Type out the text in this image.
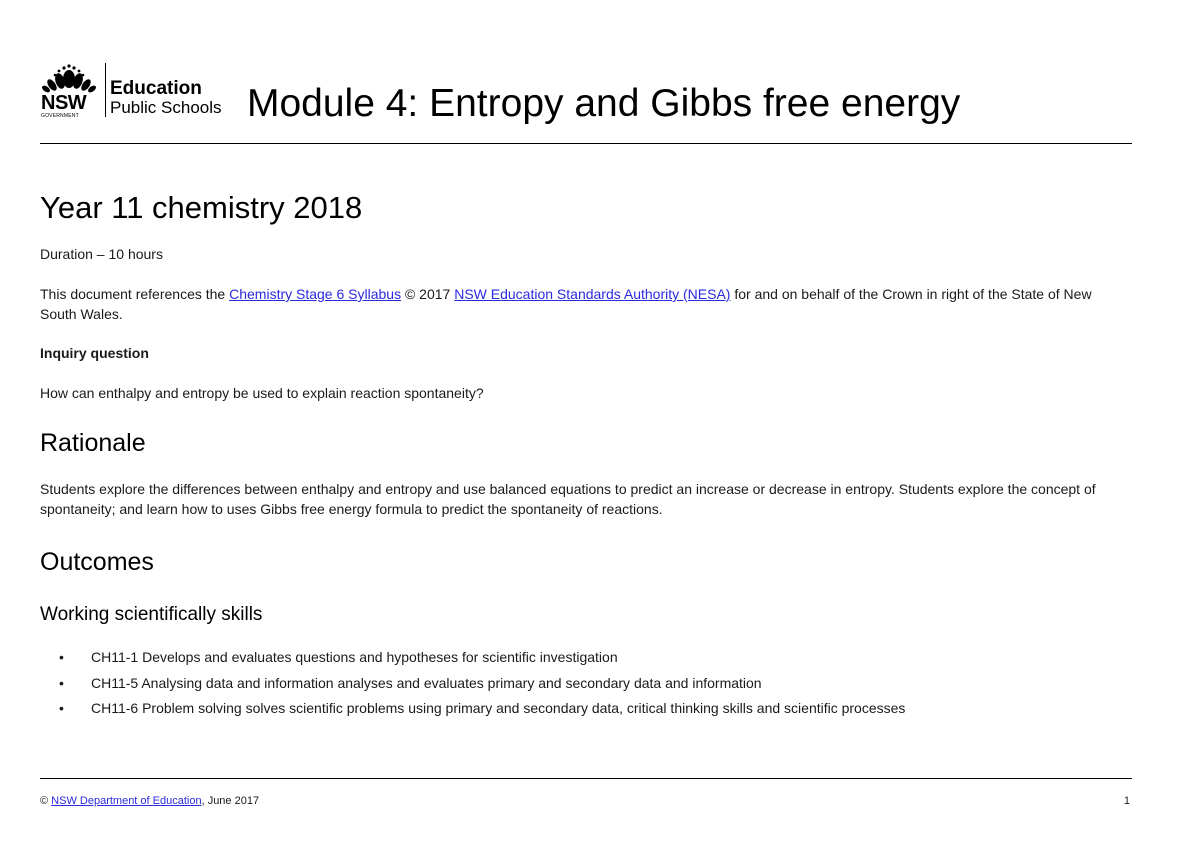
NSW
GOVERNMENT
Education
Public Schools Module 4: Entropy and Gibbs free energy
Year 11 chemistry 2018

Duration – 10 hours

This document references the Chemistry Stage 6 Syllabus © 2017 NSW Education Standards Authority (NESA) for and on behalf of the Crown in right of the State of New South Wales.

Inquiry question

How can enthalpy and entropy be used to explain reaction spontaneity?

Rationale

Students explore the differences between enthalpy and entropy and use balanced equations to predict an increase or decrease in entropy. Students explore the concept of spontaneity; and learn how to uses Gibbs free energy formula to predict the spontaneity of reactions.

Outcomes
Working scientifically skills
• CH11-1 Develops and evaluates questions and hypotheses for scientific investigation
• CH11-5 Analysing data and information analyses and evaluates primary and secondary data and information
• CH11-6 Problem solving solves scientific problems using primary and secondary data, critical thinking skills and scientific processes
© NSW Department of Education, June 2017	1
